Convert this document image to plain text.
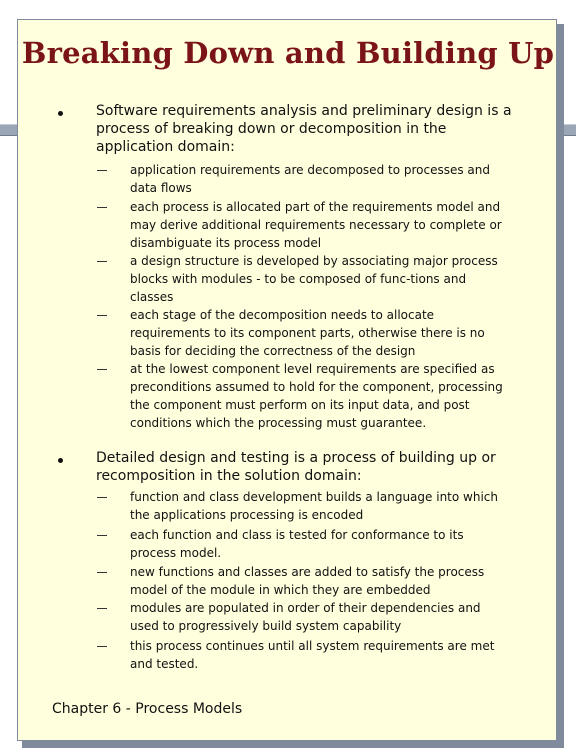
Breaking Down and Building Up
Software requirements analysis and preliminary design is a process of breaking down or decomposition in the application domain:
application requirements are decomposed to processes and data flows
each process is allocated part of the requirements model and may derive additional requirements necessary to complete or disambiguate its process model
a design structure is developed by associating major process blocks with modules - to be composed of func-tions and classes
each stage of the decomposition needs to allocate requirements to its component parts, otherwise there is no basis for deciding the correctness of the design
at the lowest component level requirements are specified as preconditions assumed to hold for the component, processing the component must perform on its input data, and post conditions which the processing must guarantee.
Detailed design and testing is a process of building up or recomposition in the solution domain:
function and class development builds a language into which the applications processing is encoded
each function and class is tested for conformance to its process model.
new functions and classes are added to satisfy the process model of the module in which they are embedded
modules are populated in order of their dependencies and used to progressively build system capability
this process continues until all system requirements are met and tested.
Chapter 6 - Process Models
